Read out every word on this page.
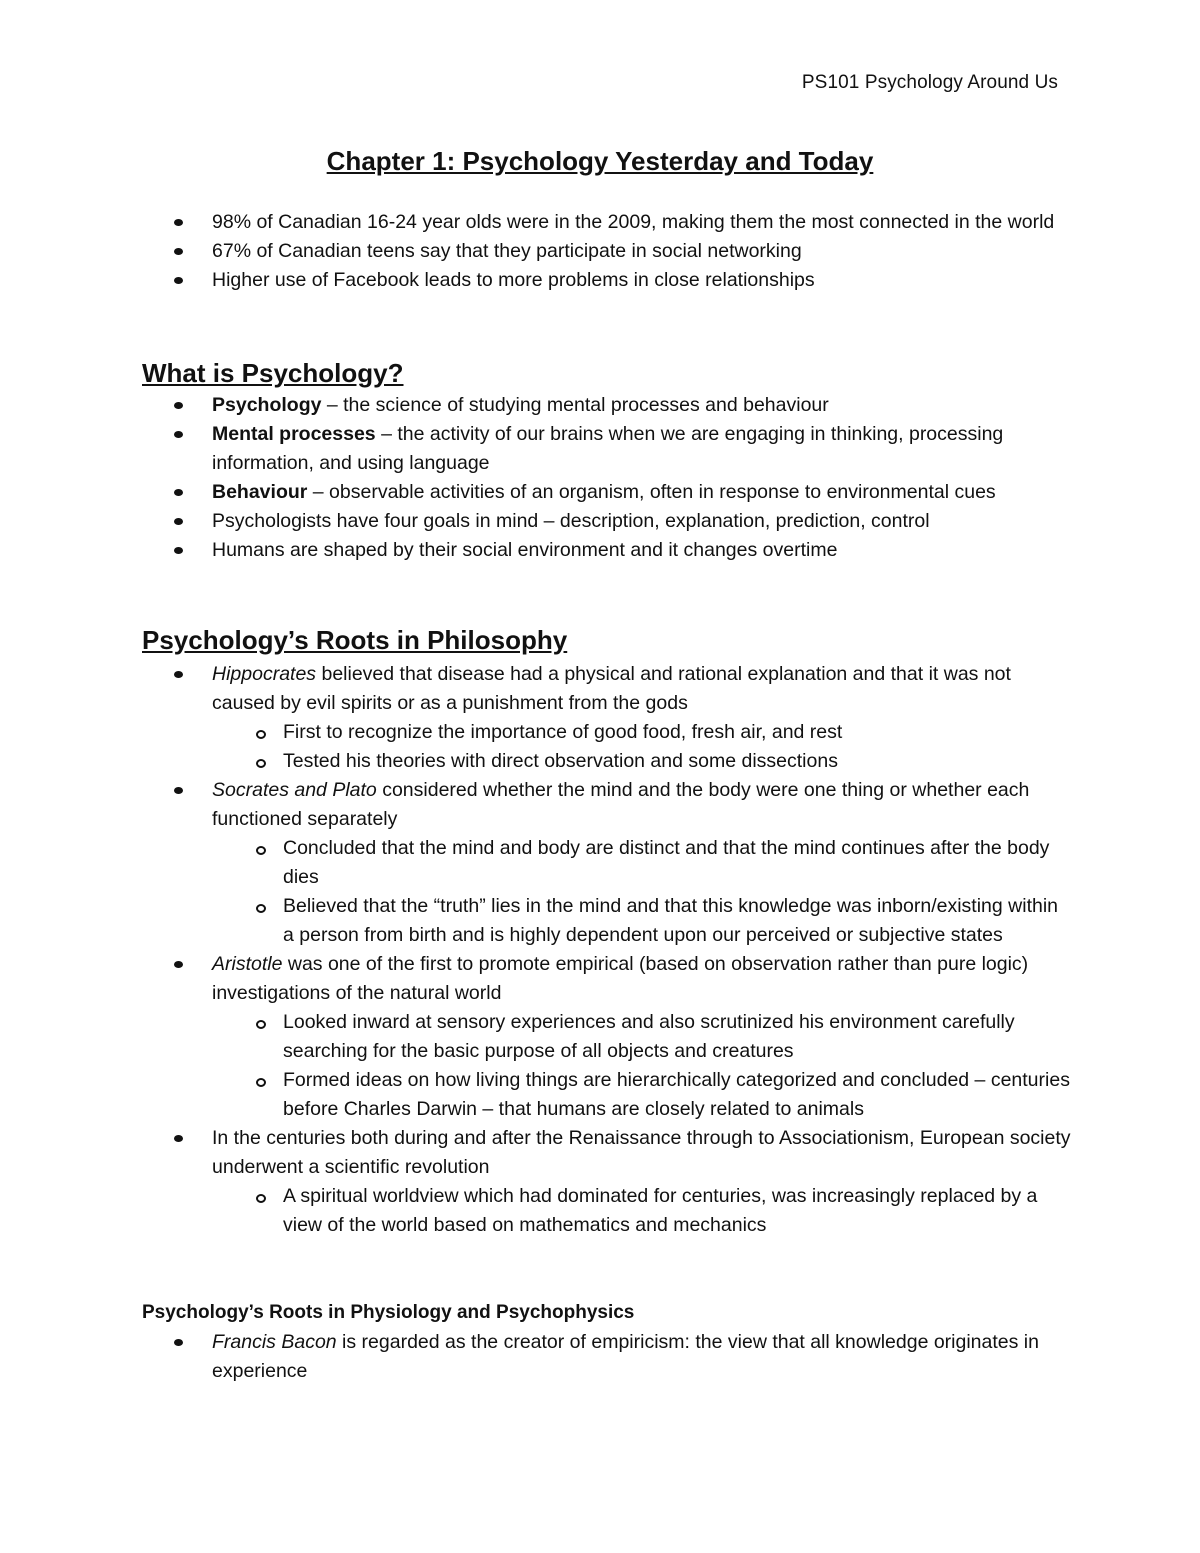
PS101 Psychology Around Us
Chapter 1: Psychology Yesterday and Today
98% of Canadian 16-24 year olds were in the 2009, making them the most connected in the world
67% of Canadian teens say that they participate in social networking
Higher use of Facebook leads to more problems in close relationships
What is Psychology?
Psychology – the science of studying mental processes and behaviour
Mental processes – the activity of our brains when we are engaging in thinking, processing information, and using language
Behaviour – observable activities of an organism, often in response to environmental cues
Psychologists have four goals in mind – description, explanation, prediction, control
Humans are shaped by their social environment and it changes overtime
Psychology’s Roots in Philosophy
Hippocrates believed that disease had a physical and rational explanation and that it was not caused by evil spirits or as a punishment from the gods
First to recognize the importance of good food, fresh air, and rest
Tested his theories with direct observation and some dissections
Socrates and Plato considered whether the mind and the body were one thing or whether each functioned separately
Concluded that the mind and body are distinct and that the mind continues after the body dies
Believed that the “truth” lies in the mind and that this knowledge was inborn/existing within a person from birth and is highly dependent upon our perceived or subjective states
Aristotle was one of the first to promote empirical (based on observation rather than pure logic) investigations of the natural world
Looked inward at sensory experiences and also scrutinized his environment carefully searching for the basic purpose of all objects and creatures
Formed ideas on how living things are hierarchically categorized and concluded – centuries before Charles Darwin – that humans are closely related to animals
In the centuries both during and after the Renaissance through to Associationism, European society underwent a scientific revolution
A spiritual worldview which had dominated for centuries, was increasingly replaced by a view of the world based on mathematics and mechanics
Psychology’s Roots in Physiology and Psychophysics
Francis Bacon is regarded as the creator of empiricism: the view that all knowledge originates in experience
